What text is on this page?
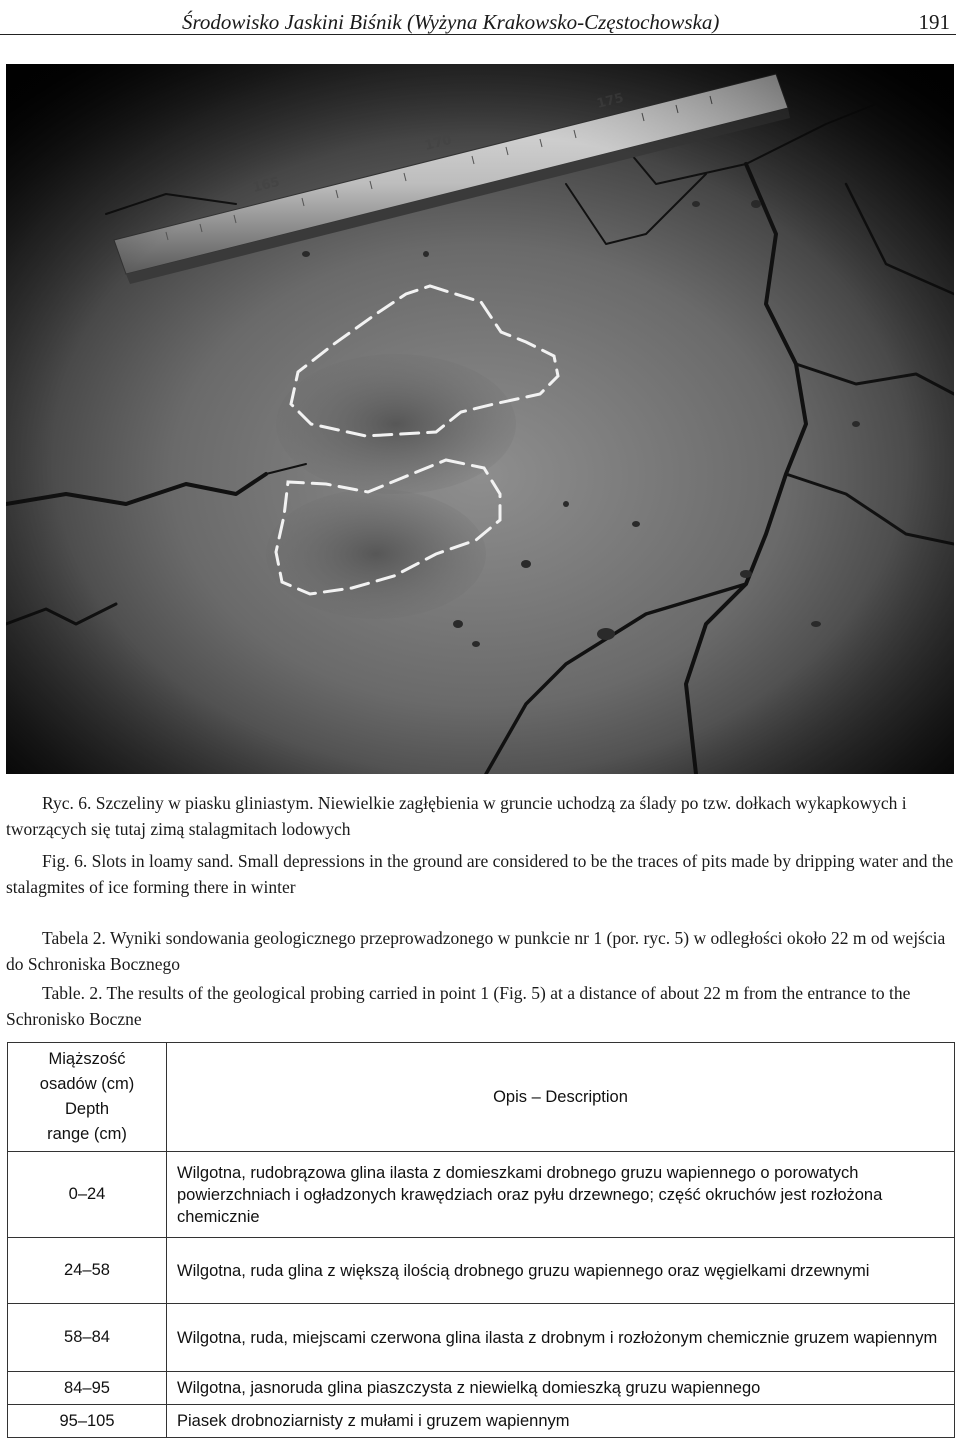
Środowisko Jaskini Biśnik (Wyżyna Krakowsko-Częstochowska)	191

Ryc. 6. Szczeliny w piasku gliniastym. Niewielkie zagłębienia w gruncie uchodzą za ślady po tzw. dołkach wykapkowych i tworzących się tutaj zimą stalagmitach lodowych

Fig. 6. Slots in loamy sand. Small depressions in the ground are considered to be the traces of pits made by dripping water and the stalagmites of ice forming there in winter

Tabela 2. Wyniki sondowania geologicznego przeprowadzonego w punkcie nr 1 (por. ryc. 5) w odległości około 22 m od wejścia do Schroniska Bocznego

Table. 2. The results of the geological probing carried in point 1 (Fig. 5) at a distance of about 22 m from the entrance to the Schronisko Boczne

Miąższość
osadów (cm)
Depth
range (cm)	Opis – Description
0–24	Wilgotna, rudobrązowa glina ilasta z domieszkami drobnego gruzu wapiennego o porowatych powierzchniach i ogładzonych krawędziach oraz pyłu drzewnego; część okruchów jest rozłożona chemicznie
24–58	Wilgotna, ruda glina z większą ilością drobnego gruzu wapiennego oraz węgielkami drzewnymi
58–84	Wilgotna, ruda, miejscami czerwona glina ilasta z drobnym i rozłożonym chemicznie gruzem wapiennym
84–95	Wilgotna, jasnoruda glina piaszczysta z niewielką domieszką gruzu wapiennego
95–105	Piasek drobnoziarnisty z mułami i gruzem wapiennym
